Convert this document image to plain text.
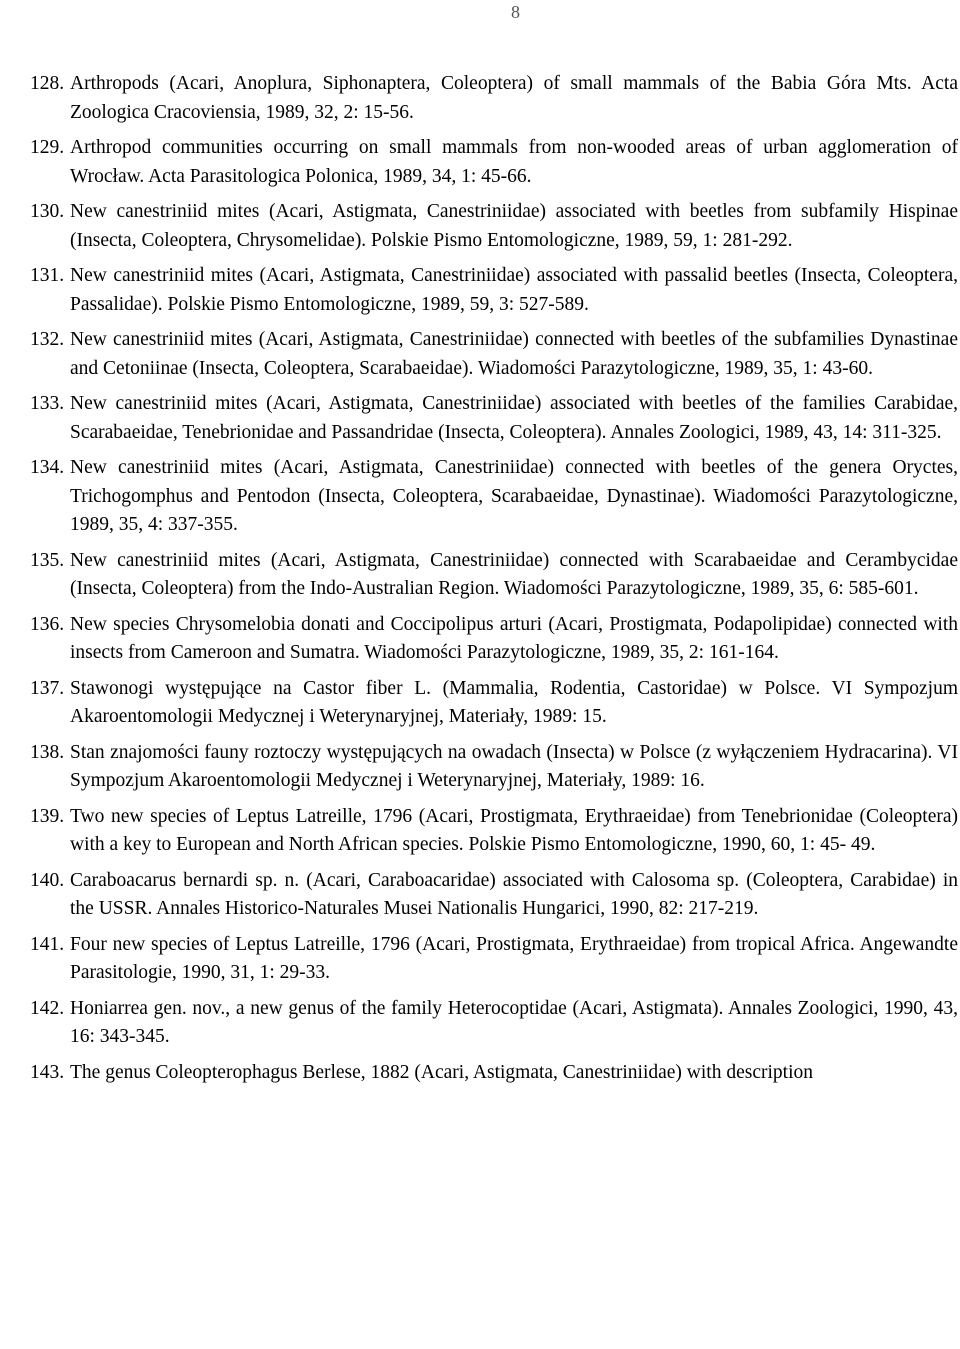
8
128. Arthropods (Acari, Anoplura, Siphonaptera, Coleoptera) of small mammals of the Babia Góra Mts. Acta Zoologica Cracoviensia, 1989, 32, 2: 15-56.
129. Arthropod communities occurring on small mammals from non-wooded areas of urban agglomeration of Wrocław. Acta Parasitologica Polonica, 1989, 34, 1: 45-66.
130. New canestriniid mites (Acari, Astigmata, Canestriniidae) associated with beetles from subfamily Hispinae (Insecta, Coleoptera, Chrysomelidae). Polskie Pismo Entomologiczne, 1989, 59, 1: 281-292.
131. New canestriniid mites (Acari, Astigmata, Canestriniidae) associated with passalid beetles (Insecta, Coleoptera, Passalidae). Polskie Pismo Entomologiczne, 1989, 59, 3: 527-589.
132. New canestriniid mites (Acari, Astigmata, Canestriniidae) connected with beetles of the subfamilies Dynastinae and Cetoniinae (Insecta, Coleoptera, Scarabaeidae). Wiadomości Parazytologiczne, 1989, 35, 1: 43-60.
133. New canestriniid mites (Acari, Astigmata, Canestriniidae) associated with beetles of the families Carabidae, Scarabaeidae, Tenebrionidae and Passandridae (Insecta, Coleoptera). Annales Zoologici, 1989, 43, 14: 311-325.
134. New canestriniid mites (Acari, Astigmata, Canestriniidae) connected with beetles of the genera Oryctes, Trichogomphus and Pentodon (Insecta, Coleoptera, Scarabaeidae, Dynastinae). Wiadomości Parazytologiczne, 1989, 35, 4: 337-355.
135. New canestriniid mites (Acari, Astigmata, Canestriniidae) connected with Scarabaeidae and Cerambycidae (Insecta, Coleoptera) from the Indo-Australian Region. Wiadomości Parazytologiczne, 1989, 35, 6: 585-601.
136. New species Chrysomelobia donati and Coccipolipus arturi (Acari, Prostigmata, Podapolipidae) connected with insects from Cameroon and Sumatra. Wiadomości Parazytologiczne, 1989, 35, 2: 161-164.
137. Stawonogi występujące na Castor fiber L. (Mammalia, Rodentia, Castoridae) w Polsce. VI Sympozjum Akaroentomologii Medycznej i Weterynaryjnej, Materiały, 1989: 15.
138. Stan znajomości fauny roztoczy występujących na owadach (Insecta) w Polsce (z wyłączeniem Hydracarina). VI Sympozjum Akaroentomologii Medycznej i Weterynaryjnej, Materiały, 1989: 16.
139. Two new species of Leptus Latreille, 1796 (Acari, Prostigmata, Erythraeidae) from Tenebrionidae (Coleoptera) with a key to European and North African species. Polskie Pismo Entomologiczne, 1990, 60, 1: 45- 49.
140. Caraboacarus bernardi sp. n. (Acari, Caraboacaridae) associated with Calosoma sp. (Coleoptera, Carabidae) in the USSR. Annales Historico-Naturales Musei Nationalis Hungarici, 1990, 82: 217-219.
141. Four new species of Leptus Latreille, 1796 (Acari, Prostigmata, Erythraeidae) from tropical Africa. Angewandte Parasitologie, 1990, 31, 1: 29-33.
142. Honiarrea gen. nov., a new genus of the family Heterocoptidae (Acari, Astigmata). Annales Zoologici, 1990, 43, 16: 343-345.
143. The genus Coleopterophagus Berlese, 1882 (Acari, Astigmata, Canestriniidae) with description
